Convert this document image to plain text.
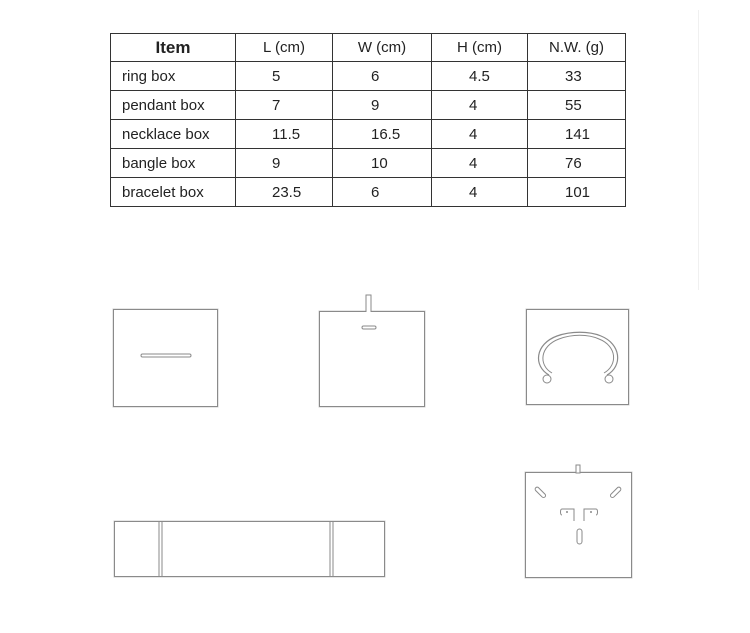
Item	L (cm)	W (cm)	H (cm)	N.W. (g)
ring box	5	6	4.5	33
pendant box	7	9	4	55
necklace box	11.5	16.5	4	141
bangle box	9	10	4	76
bracelet box	23.5	6	4	101
